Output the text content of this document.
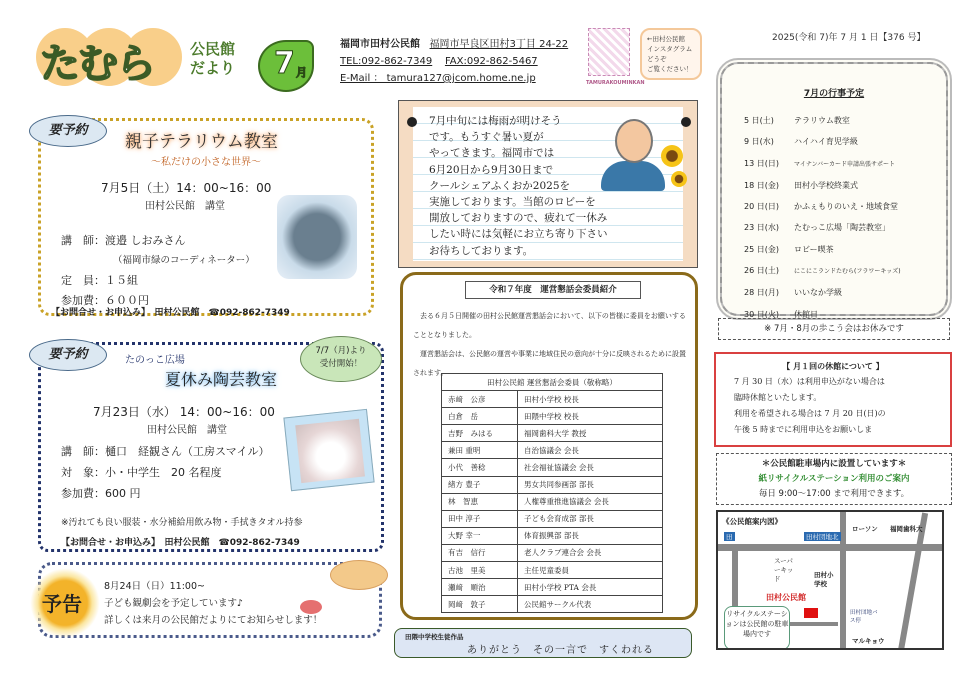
たむら 公民館
だより 7 月
福岡市田村公民館 福岡市早良区田村3丁目 24-22
TEL:092-862-7349 FAX:092-862-5467
E-Mail ： tamura127@jcom.home.ne.jp	TAMURAKOUMINKAN
←田村公民館
インスタグラム
どうぞ
ご覧ください！
2025(令和 7)年 7 月 1 日【376 号】
7月の行事予定
5 日(土)	テラリウム教室
9 日(水)	ハイハイ育児学級
13 日(日)	マイナンバーカード申請出張サポート
18 日(金) 田村小学校終業式
20 日(日) かふぇもりのいえ・地域食堂
23 日(水) たむっこ広場「陶芸教室」
25 日(金) ロビー喫茶
26 日(土)	にこにこランドたむら(フラワーキッズ)
28 日(月) いいなか学級
30 日(火) 休館日
※ 7月・8月の歩こう会はお休みです
【 月１回の休館について 】
7 月 30 日（水）は利用申込がない場合は
臨時休館といたします。
利用を希望される場合は 7 月 20 日(日)の
午後 5 時までに利用申込をお願いしま
＊公民館駐車場内に設置しています＊
紙リサイクルステーション利用のご案内
毎日 9:00～17:00 まで利用できます。
《公民館案内図》
田	田村団地北
ローソン 福岡歯科大
スーパーキッド	田村小学校
田村公民館
田村団地バス停
マルキョウ
リサイクルステーションは公民館の駐車場内です
要予約
親子テラリウム教室
～私だけの小さな世界～
7月5日（土）14：00~16：00
田村公民館　講堂
講　師：渡邉 しおみさん
（福岡市緑のコーディネーター）
定　員：１５組
参加費：６００円
【お問合せ・お申込み】　田村公民館　☎092-862-7349
要予約	たのっこ広場
夏休み陶芸教室
7月23日（水） 14：00~16：00
田村公民館　講堂
講　師：樋口　経観さん（工房スマイル）
対　象：小・中学生　20 名程度
参加費：600 円
※汚れても良い服装・水分補給用飲み物・手拭きタオル持参
【お問合せ・お申込み】　田村公民館　☎092-862-7349
7/7（月)より
受付開始！
予告
8月24日（日）11:00~
子ども観劇会を予定しています♪
詳しくは来月の公民館だよりにてお知らせします！
7月中旬には梅雨が明けそう
です。もうすぐ暑い夏が
やってきます。福岡市では
6月20日から9月30日まで
クールシェアふくおか2025を
実施しております。当館のロビーを
開放しておりますので、疲れて一休み
したい時には気軽にお立ち寄り下さい
お待ちしております。
令和７年度　運営懇話会委員紹介
去る６月５日開催の田村公民館運営懇話会において、以下の皆様に委員をお願いすることとなりました。
運営懇話会は、公民館の運営や事業に地域住民の意向が十分に反映されるために設置されます。
田村公民館 運営懇話会委員（敬称略）	
赤﨑　公彦	田村小学校 校長
白倉　岳	田隈中学校 校長
吉野　みはる	福岡歯科大学 教授
兼田 重明	自治協議会 会長
小代　善稔	社会福祉協議会 会長
緒方 豊子	男女共同参画部 部長
林　智恵	人権尊重推進協議会 会長
田中 淳子	子ども会育成部 部長
大野 幸一	体育振興部 部長
有吉　信行	老人クラブ連合会 会長
古池　里美	主任児童委員
瀬﨑　順治	田村小学校 PTA 会長
岡﨑　敦子	公民館サークル代表
田隈中学校生徒作品
ありがとう　その一言で　すくわれる
